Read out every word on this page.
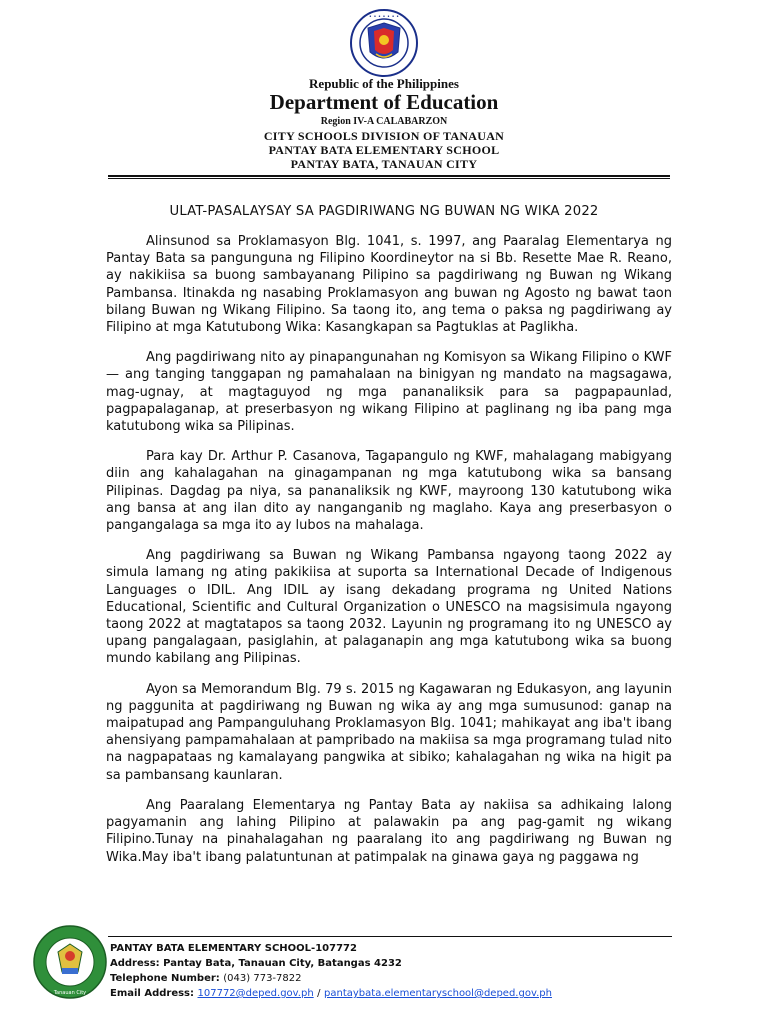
• • • • • • •
Republic of the Philippines
Department of Education
Region IV-A CALABARZON
CITY SCHOOLS DIVISION OF TANAUAN
PANTAY BATA ELEMENTARY SCHOOL
PANTAY BATA, TANAUAN CITY
ULAT-PASALAYSAY SA PAGDIRIWANG NG BUWAN NG WIKA 2022

Alinsunod sa Proklamasyon Blg. 1041, s. 1997, ang Paaralag Elementarya ng Pantay Bata sa pangunguna ng Filipino Koordineytor na si Bb. Resette Mae R. Reano, ay nakikiisa sa buong sambayanang Pilipino sa pagdiriwang ng Buwan ng Wikang Pambansa. Itinakda ng nasabing Proklamasyon ang buwan ng Agosto ng bawat taon bilang Buwan ng Wikang Filipino. Sa taong ito, ang tema o paksa ng pagdiriwang ay Filipino at mga Katutubong Wika: Kasangkapan sa Pagtuklas at Paglikha.

Ang pagdiriwang nito ay pinapangunahan ng Komisyon sa Wikang Filipino o KWF — ang tanging tanggapan ng pamahalaan na binigyan ng mandato na magsagawa, mag-ugnay, at magtaguyod ng mga pananaliksik para sa pagpapaunlad, pagpapalaganap, at preserbasyon ng wikang Filipino at paglinang ng iba pang mga katutubong wika sa Pilipinas.

Para kay Dr. Arthur P. Casanova, Tagapangulo ng KWF, mahalagang mabigyang diin ang kahalagahan na ginagampanan ng mga katutubong wika sa bansang Pilipinas. Dagdag pa niya, sa pananaliksik ng KWF, mayroong 130 katutubong wika ang bansa at ang ilan dito ay nanganganib ng maglaho. Kaya ang preserbasyon o pangangalaga sa mga ito ay lubos na mahalaga.

Ang pagdiriwang sa Buwan ng Wikang Pambansa ngayong taong 2022 ay simula lamang ng ating pakikiisa at suporta sa International Decade of Indigenous Languages o IDIL. Ang IDIL ay isang dekadang programa ng United Nations Educational, Scientific and Cultural Organization o UNESCO na magsisimula ngayong taong 2022 at magtatapos sa taong 2032. Layunin ng programang ito ng UNESCO ay upang pangalagaan, pasiglahin, at palaganapin ang mga katutubong wika sa buong mundo kabilang ang Pilipinas.

Ayon sa Memorandum Blg. 79 s. 2015 ng Kagawaran ng Edukasyon, ang layunin ng paggunita at pagdiriwang ng Buwan ng wika ay ang mga sumusunod: ganap na maipatupad ang Pampanguluhang Proklamasyon Blg. 1041; mahikayat ang iba't ibang ahensiyang pampamahalaan at pampribado na makiisa sa mga programang tulad nito na nagpapataas ng kamalayang pangwika at sibiko; kahalagahan ng wika na higit pa sa pambansang kaunlaran.

Ang Paaralang Elementarya ng Pantay Bata ay nakiisa sa adhikaing lalong pagyamanin ang lahing Pilipino at palawakin pa ang pag-gamit ng wikang Filipino.Tunay na pinahalagahan ng paaralang ito ang pagdiriwang ng Buwan ng Wika.May iba't ibang palatuntunan at patimpalak na ginawa gaya ng paggawa ng

Tanauan City
PANTAY BATA ELEMENTARY SCHOOL-107772
Address: Pantay Bata, Tanauan City, Batangas 4232
Telephone Number: (043) 773-7822
Email Address: 107772@deped.gov.ph / pantaybata.elementaryschool@deped.gov.ph
